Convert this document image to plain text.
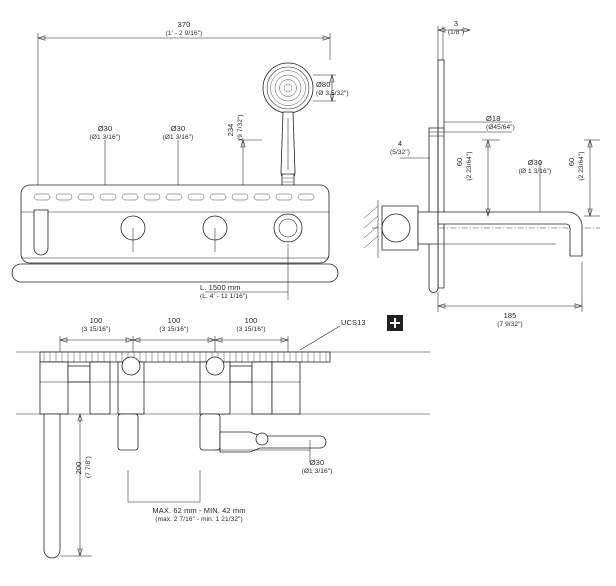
370
(1' - 2 9/16")
Ø30
(Ø1 3/16")
Ø30
(Ø1 3/16")
Ø80
(Ø 3 5/32")
234 (9 7/32")
L. 1500 mm
(L. 4' - 11 1/16")
100
(3 15/16")
100
(3 15/16")
100
(3 15/16")
UCS13
Ø30
(Ø1 3/16")
200 (7 7/8")
MAX. 62 mm - MIN. 42 mm
(max. 2 7/16" - min. 1 21/32")
3
(1/8")
Ø18
(Ø45/64")
4
(5/32")
60 (2 23/64")	Ø30
(Ø 1 3/16")
60 (2 23/64")
185
(7 9/32")
